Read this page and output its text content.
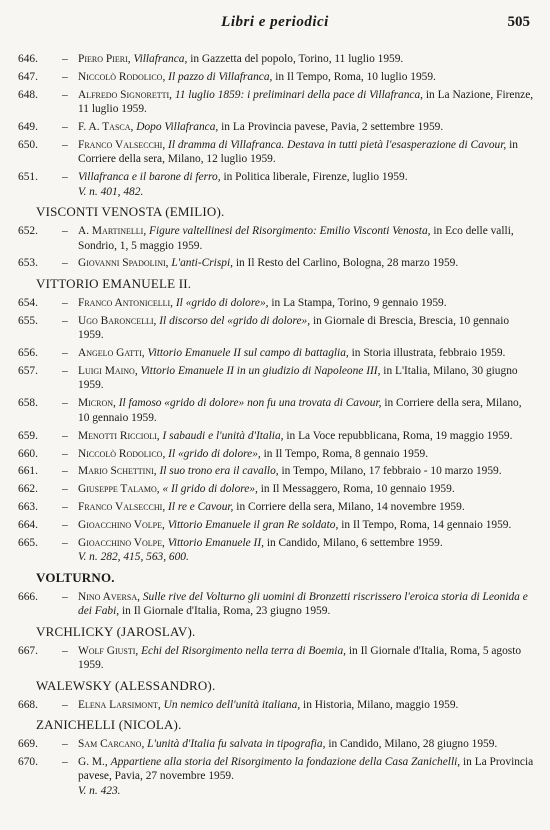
Libri e periodici	505
646.	– Piero Pieri, Villafranca, in Gazzetta del popolo, Torino, 11 luglio 1959.
647.	– Niccolò Rodolico, Il pazzo di Villafranca, in Il Tempo, Roma, 10 luglio 1959.
648.	– Alfredo Signoretti, 11 luglio 1859: i preliminari della pace di Villafranca, in La Nazione, Firenze, 11 luglio 1959.
649.	– F. A. Tasca, Dopo Villafranca, in La Provincia pavese, Pavia, 2 settembre 1959.
650.	– Franco Valsecchi, Il dramma di Villafranca. Destava in tutti pietà l'esasperazione di Cavour, in Corriere della sera, Milano, 12 luglio 1959.
651.	– Villafranca e il barone di ferro, in Politica liberale, Firenze, luglio 1959.
V. n. 401, 482.
VISCONTI VENOSTA (EMILIO).
652.	– A. Martinelli, Figure valtellinesi del Risorgimento: Emilio Visconti Venosta, in Eco delle valli, Sondrio, 1, 5 maggio 1959.
653.	– Giovanni Spadolini, L'anti-Crispi, in Il Resto del Carlino, Bologna, 28 marzo 1959.
VITTORIO EMANUELE II.
654.	– Franco Antonicelli, Il «grido di dolore», in La Stampa, Torino, 9 gennaio 1959.
655.	– Ugo Baroncelli, Il discorso del «grido di dolore», in Giornale di Brescia, Brescia, 10 gennaio 1959.
656.	– Angelo Gatti, Vittorio Emanuele II sul campo di battaglia, in Storia illustrata, febbraio 1959.
657.	– Luigi Maino, Vittorio Emanuele II in un giudizio di Napoleone III, in L'Italia, Milano, 30 giugno 1959.
658.	– Micron, Il famoso «grido di dolore» non fu una trovata di Cavour, in Corriere della sera, Milano, 10 gennaio 1959.
659.	– Menotti Riccioli, I sabaudi e l'unità d'Italia, in La Voce repubblicana, Roma, 19 maggio 1959.
660.	– Niccolò Rodolico, Il «grido di dolore», in Il Tempo, Roma, 8 gennaio 1959.
661.	– Mario Schettini, Il suo trono era il cavallo, in Tempo, Milano, 17 febbraio - 10 marzo 1959.
662.	– Giuseppe Talamo, « Il grido di dolore», in Il Messaggero, Roma, 10 gennaio 1959.
663.	– Franco Valsecchi, Il re e Cavour, in Corriere della sera, Milano, 14 novembre 1959.
664.	– Gioacchino Volpe, Vittorio Emanuele il gran Re soldato, in Il Tempo, Roma, 14 gennaio 1959.
665.	– Gioacchino Volpe, Vittorio Emanuele II, in Candido, Milano, 6 settembre 1959.
V. n. 282, 415, 563, 600.
VOLTURNO.
666.	– Nino Aversa, Sulle rive del Volturno gli uomini di Bronzetti riscrissero l'eroica storia di Leonida e dei Fabi, in Il Giornale d'Italia, Roma, 23 giugno 1959.
VRCHLICKY (JAROSLAV).
667.	– Wolf Giusti, Echi del Risorgimento nella terra di Boemia, in Il Giornale d'Italia, Roma, 5 agosto 1959.
WALEWSKY (ALESSANDRO).
668.	– Elena Larsimont, Un nemico dell'unità italiana, in Historia, Milano, maggio 1959.
ZANICHELLI (NICOLA).
669.	– Sam Carcano, L'unità d'Italia fu salvata in tipografia, in Candido, Milano, 28 giugno 1959.
670.	– G. M., Appartiene alla storia del Risorgimento la fondazione della Casa Zanichelli, in La Provincia pavese, Pavia, 27 novembre 1959.
V. n. 423.
